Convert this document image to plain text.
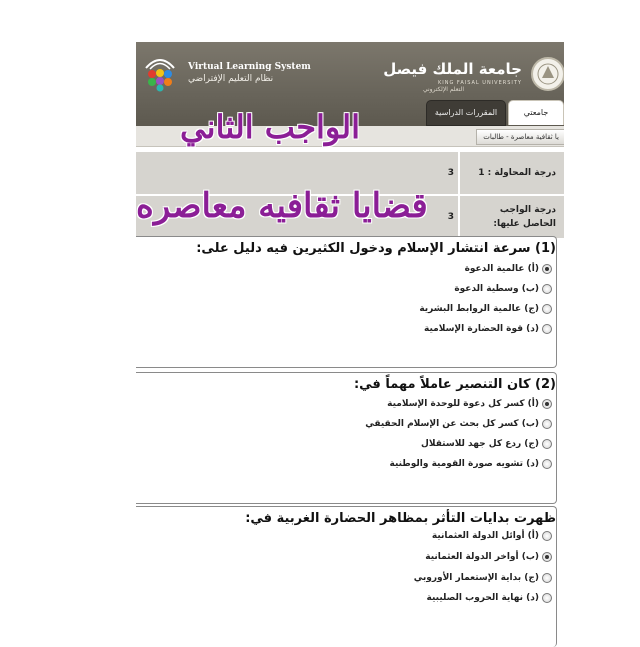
Virtual Learning System
نظام التعليم الإفتراضي
جامعة الملك فيصل
KING FAISAL UNIVERSITY
التعلم الإلكتروني
جامعتي
المقررات الدراسية
يا ثقافية معاصرة - طالبات
درجة المحاولة : 1
3
درجة الواجب الحاصل عليها:
3
الواجب الثاني
قضايا ثقافيه معاصره
(1) سرعة انتشار الإسلام ودخول الكثيرين فيه دليل على:
(أ) عالمية الدعوة
(ب) وسطية الدعوة
(ج) عالمية الروابط البشرية
(د) قوة الحضارة الإسلامية
(2) كان التنصير عاملاً مهماً في:
(أ) كسر كل دعوة للوحدة الإسلامية
(ب) كسر كل بحث عن الإسلام الحقيقي
(ج) ردع كل جهد للاستقلال
(د) تشويه صورة القومية والوطنية
ظهرت بدايات التأثر بمظاهر الحضارة الغربية في:
(أ) أوائل الدولة العثمانية
(ب) أواخر الدولة العثمانية
(ج) بداية الإستعمار الأوروبي
(د) نهاية الحروب الصليبية
